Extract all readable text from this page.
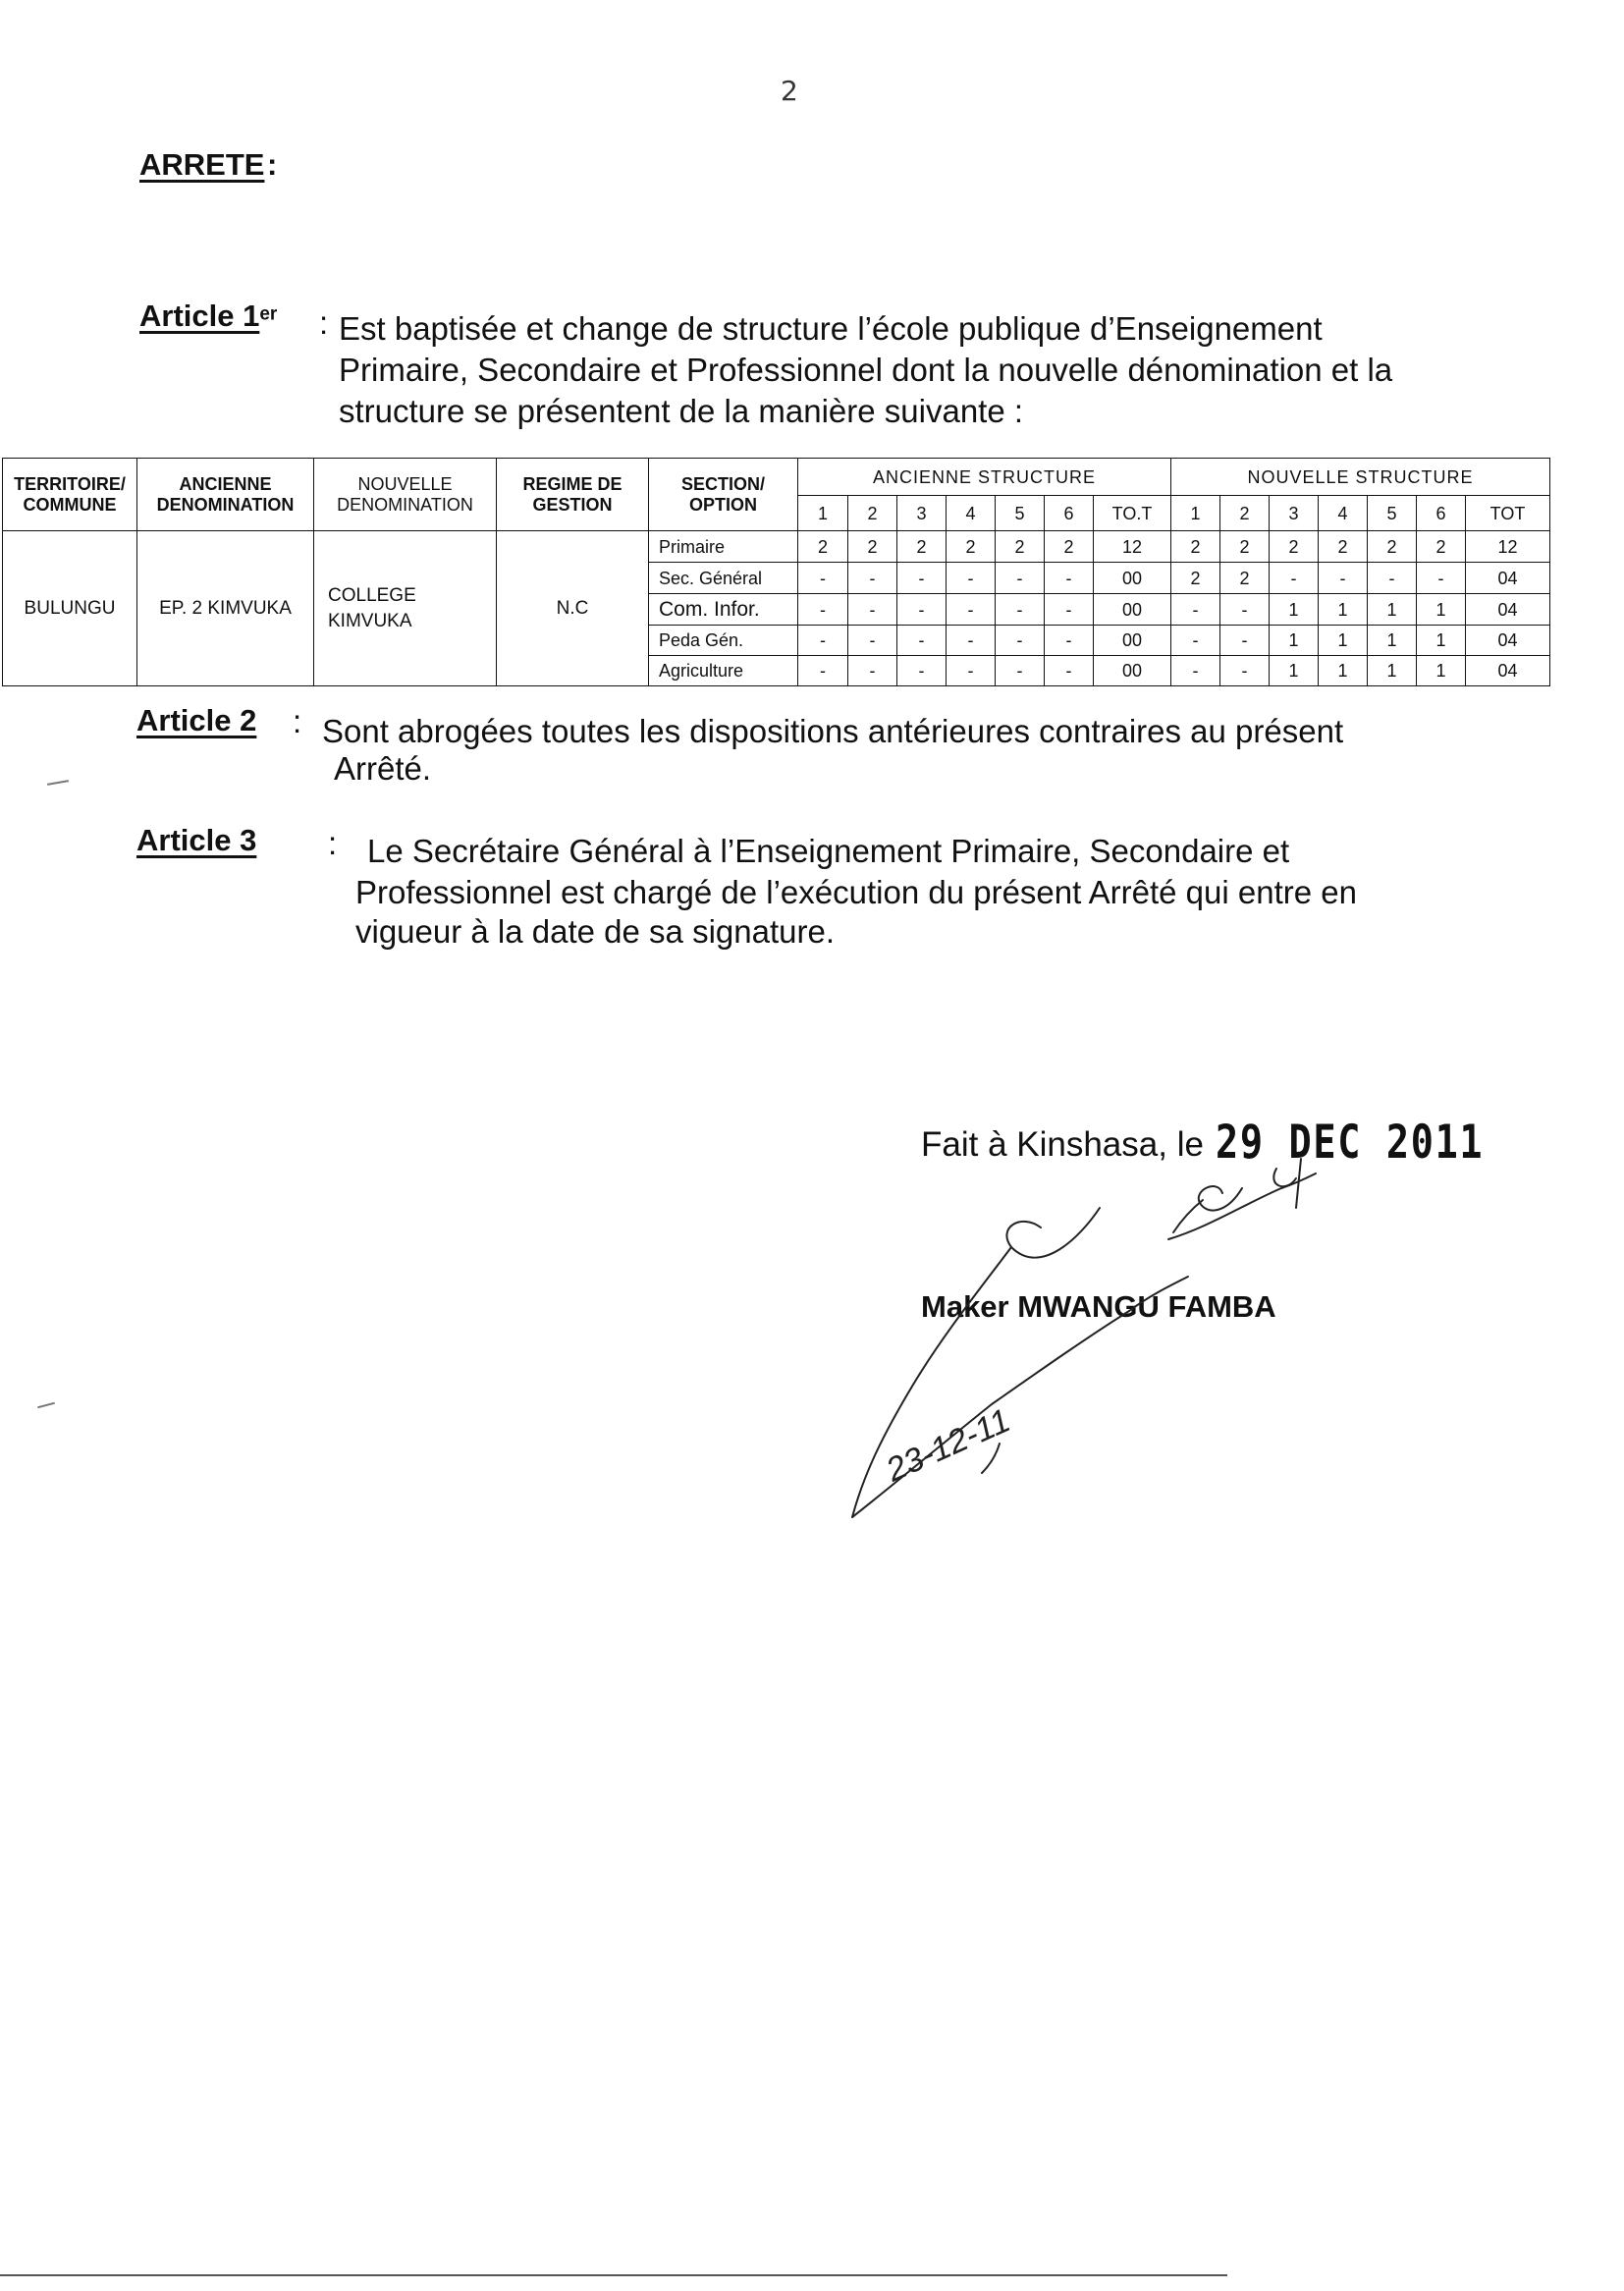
2
ARRETE :
Article 1er : Est baptisée et change de structure l’école publique d’Enseignement
Primaire, Secondaire et Professionnel dont la nouvelle dénomination et la
structure se présentent de la manière suivante :
TERRITOIRE/ COMMUNE	ANCIENNE DENOMINATION	NOUVELLE DENOMINATION	REGIME DE GESTION	SECTION/ OPTION	ANCIENNE STRUCTURE							NOUVELLE STRUCTURE						
					1	2	3	4	5	6	TO.T	1	2	3	4	5	6	TOT
BULUNGU	EP. 2 KIMVUKA	COLLEGE KIMVUKA	N.C	Primaire	2	2	2	2	2	2	12	2	2	2	2	2	2	12
				Sec. Général	-	-	-	-	-	-	00	2	2	-	-	-	-	04
				Com. Infor.	-	-	-	-	-	-	00	-	-	1	1	1	1	04
				Peda Gén.	-	-	-	-	-	-	00	-	-	1	1	1	1	04
				Agriculture	-	-	-	-	-	-	00	-	-	1	1	1	1	04
Article 2 : Sont abrogées toutes les dispositions antérieures contraires au présent
Arrêté.
Article 3 : Le Secrétaire Général à l’Enseignement Primaire, Secondaire et
Professionnel est chargé de l’exécution du présent Arrêté qui entre en
vigueur à la date de sa signature.
Fait à Kinshasa, le 29 DEC 2011
Maker MWANGU FAMBA
23-12-11
